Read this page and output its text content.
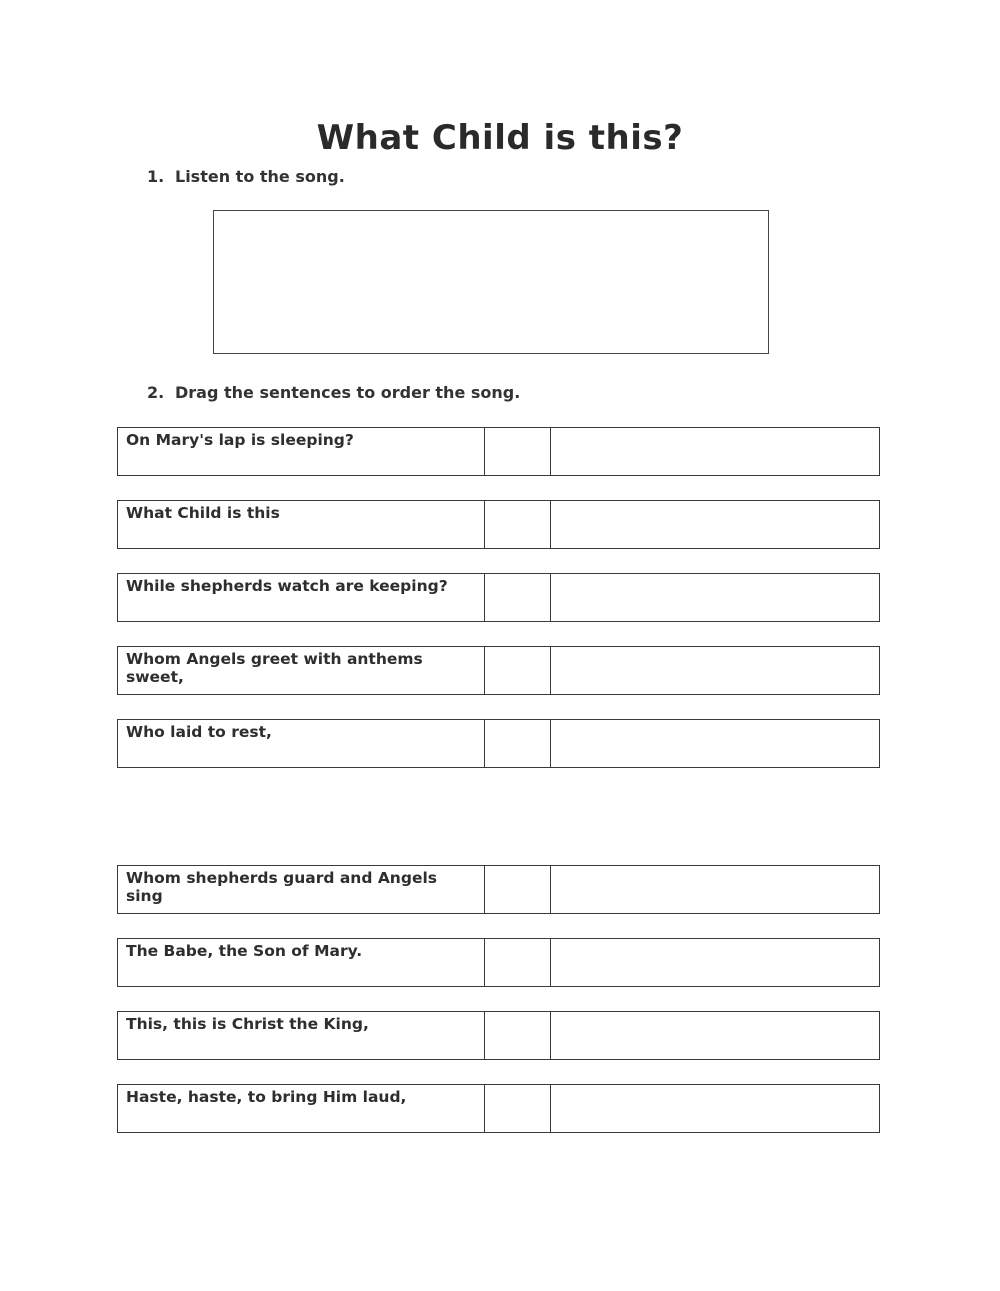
What Child is this?
1. Listen to the song.
2. Drag the sentences to order the song.
On Mary's lap is sleeping?
What Child is this
While shepherds watch are keeping?
Whom Angels greet with anthems sweet,
Who laid to rest,
Whom shepherds guard and Angels sing
The Babe, the Son of Mary.
This, this is Christ the King,
Haste, haste, to bring Him laud,
